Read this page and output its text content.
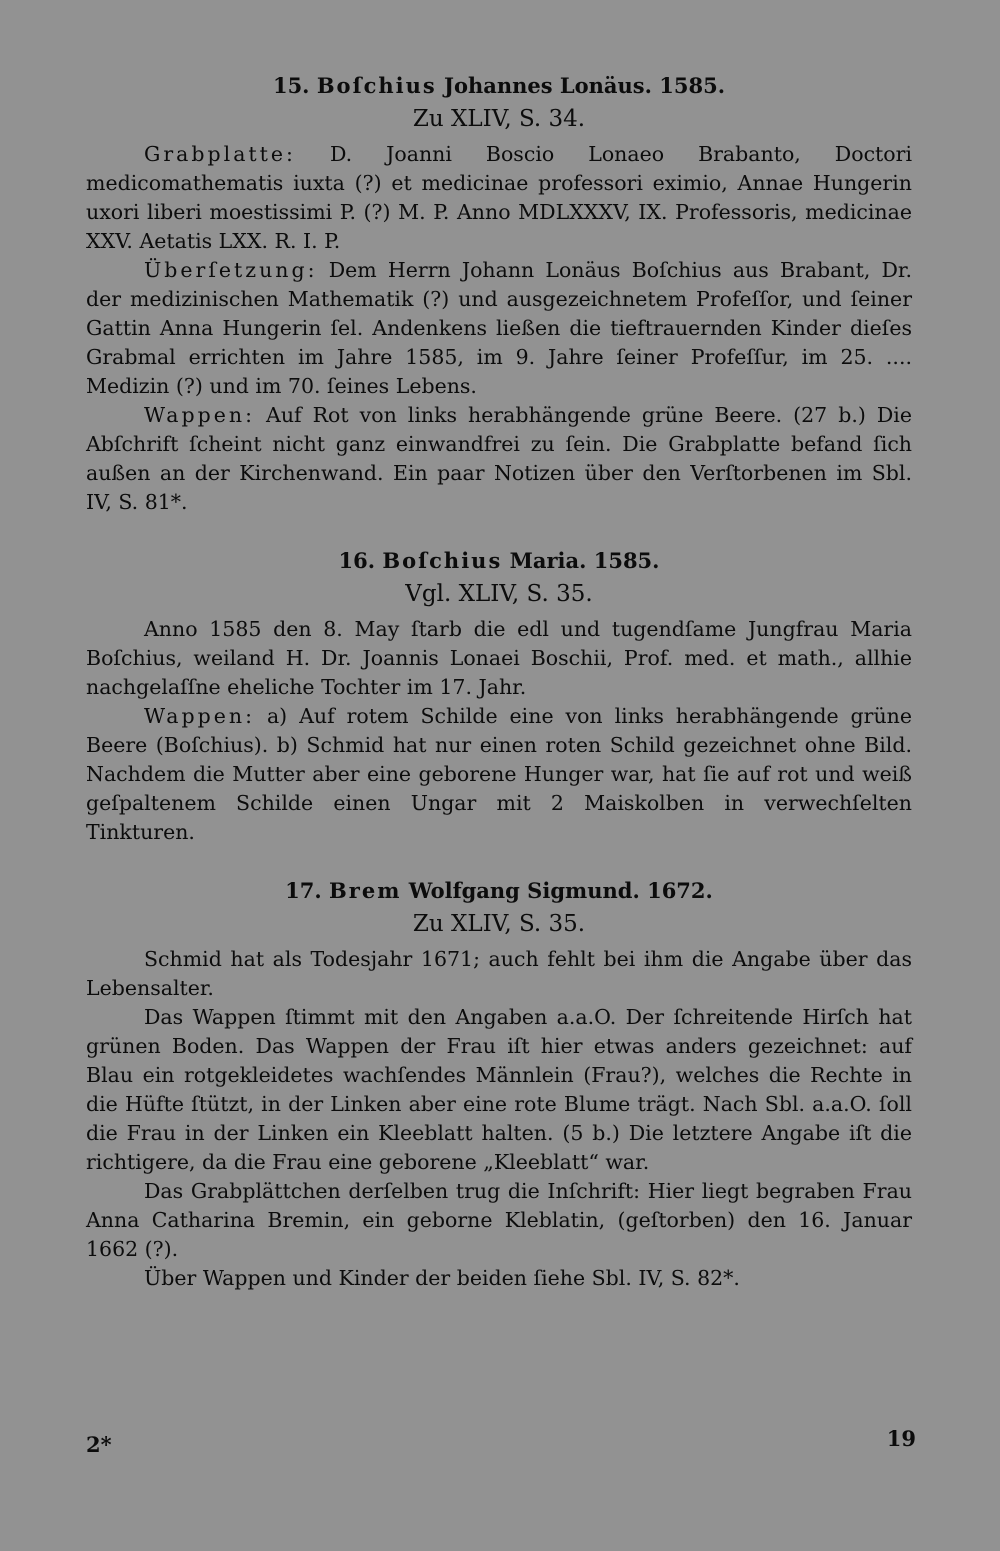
15. Boſchius Johannes Lonäus. 1585.
Zu XLIV, S. 34.

Grabplatte: D. Joanni Boscio Lonaeo Brabanto, Doctori medicomathematis iuxta (?) et medicinae professori eximio, Annae Hungerin uxori liberi moestissimi P. (?) M. P. Anno MDLXXXV, IX. Professoris, medicinae XXV. Aetatis LXX. R. I. P.

Überſetzung: Dem Herrn Johann Lonäus Boſchius aus Brabant, Dr. der medizinischen Mathematik (?) und ausgezeichnetem Profeſſor, und ſeiner Gattin Anna Hungerin ſel. Andenkens ließen die tieftrauernden Kinder dieſes Grabmal errichten im Jahre 1585, im 9. Jahre ſeiner Profeſſur, im 25. .... Medizin (?) und im 70. ſeines Lebens.

Wappen: Auf Rot von links herabhängende grüne Beere. (27 b.) Die Abſchrift ſcheint nicht ganz einwandfrei zu ſein. Die Grabplatte befand ſich außen an der Kirchenwand. Ein paar Notizen über den Verſtorbenen im Sbl. IV, S. 81*.

16. Boſchius Maria. 1585.
Vgl. XLIV, S. 35.

Anno 1585 den 8. May ſtarb die edl und tugendſame Jungfrau Maria Boſchius, weiland H. Dr. Joannis Lonaei Boschii, Prof. med. et math., allhie nachgelaſſne eheliche Tochter im 17. Jahr.

Wappen: a) Auf rotem Schilde eine von links herabhängende grüne Beere (Boſchius). b) Schmid hat nur einen roten Schild gezeichnet ohne Bild. Nachdem die Mutter aber eine geborene Hunger war, hat ſie auf rot und weiß geſpaltenem Schilde einen Ungar mit 2 Maiskolben in verwechſelten Tinkturen.

17. Brem Wolfgang Sigmund. 1672.
Zu XLIV, S. 35.

Schmid hat als Todesjahr 1671; auch fehlt bei ihm die Angabe über das Lebensalter.

Das Wappen ſtimmt mit den Angaben a.a.O. Der ſchreitende Hirſch hat grünen Boden. Das Wappen der Frau iſt hier etwas anders gezeichnet: auf Blau ein rotgekleidetes wachſendes Männlein (Frau?), welches die Rechte in die Hüfte ſtützt, in der Linken aber eine rote Blume trägt. Nach Sbl. a.a.O. ſoll die Frau in der Linken ein Kleeblatt halten. (5 b.) Die letztere Angabe iſt die richtigere, da die Frau eine geborene „Kleeblatt“ war.

Das Grabplättchen derſelben trug die Inſchrift: Hier liegt begraben Frau Anna Catharina Bremin, ein geborne Kleblatin, (geſtorben) den 16. Januar 1662 (?).

Über Wappen und Kinder der beiden ſiehe Sbl. IV, S. 82*.

2*	19
